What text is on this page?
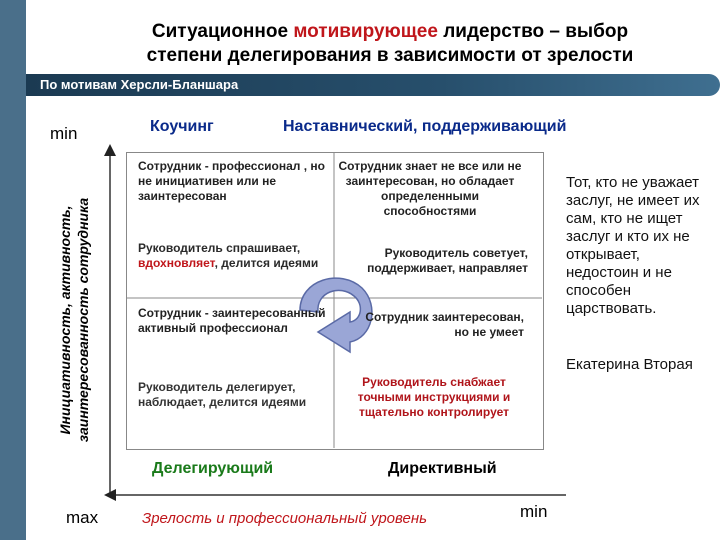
Ситуационное мотивирующее лидерство – выбор
степени делегирования в зависимости от зрелости
По мотивам Херсли-Бланшара
min
max	min
Инициативность, активность, заинтересованность сотрудника
Зрелость и профессиональный уровень
Коучинг	Наставнический, поддерживающий
Делегирующий	Директивный
Сотрудник - профессионал , но не инициативен или не заинтересован
Сотрудник знает не все или не заинтересован, но обладает определенными способностями
Руководитель спрашивает, вдохновляет, делится идеями
Руководитель советует, поддерживает, направляет
Сотрудник - заинтересованный активный профессионал
Сотрудник заинтересован, но не умеет
Руководитель делегирует, наблюдает, делится идеями
Руководитель снабжает точными инструкциями и тщательно контролирует
Тот, кто не уважает заслуг, не имеет их сам, кто не ищет заслуг и кто их не открывает, недостоин и не способен царствовать.
Екатерина Вторая
